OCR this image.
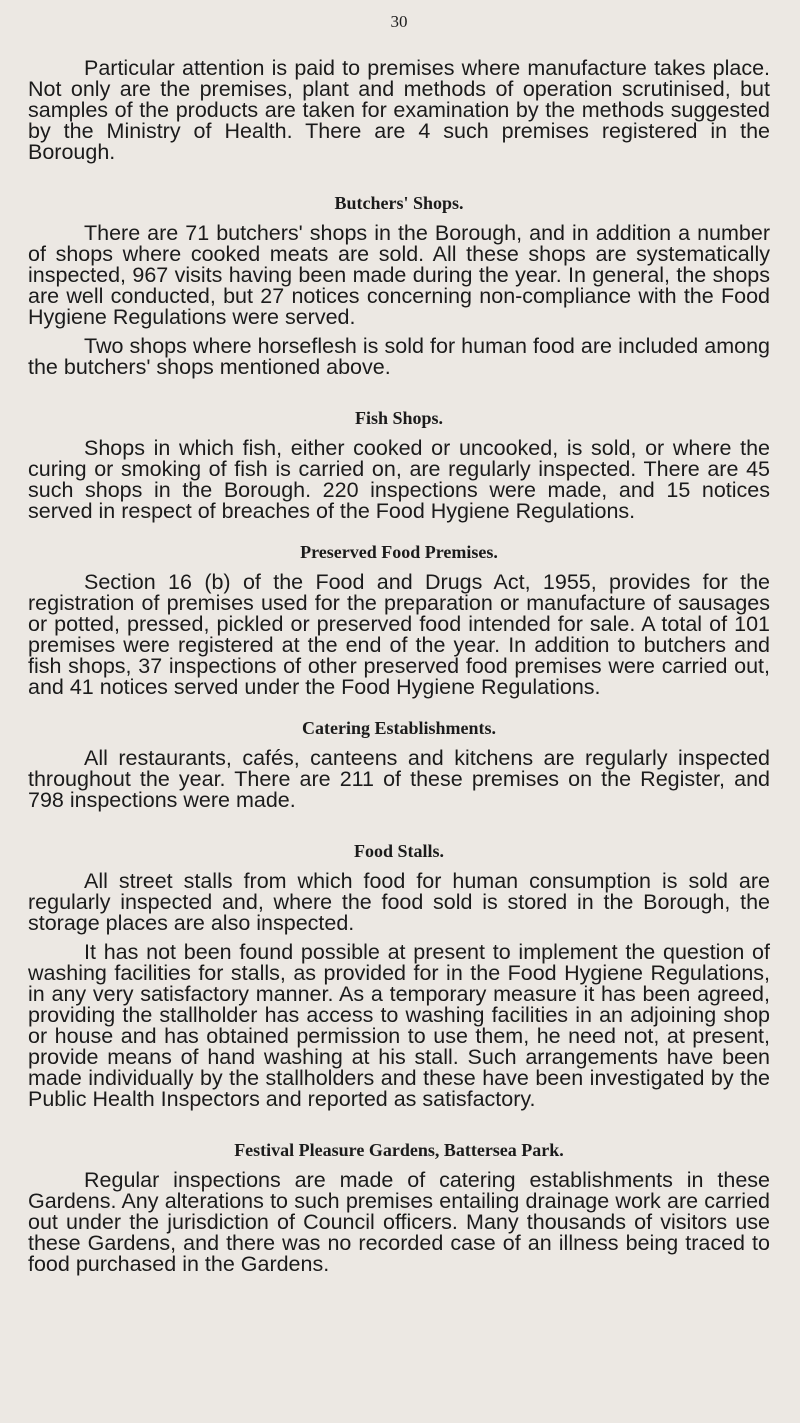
30

Particular attention is paid to premises where manufacture takes place. Not only are the premises, plant and methods of operation scrutinised, but samples of the products are taken for examination by the methods suggested by the Ministry of Health. There are 4 such premises registered in the Borough.

Butchers' Shops.

There are 71 butchers' shops in the Borough, and in addition a number of shops where cooked meats are sold. All these shops are systematically inspected, 967 visits having been made during the year. In general, the shops are well conducted, but 27 notices concerning non-compliance with the Food Hygiene Regulations were served.

Two shops where horseflesh is sold for human food are included among the butchers' shops mentioned above.

Fish Shops.

Shops in which fish, either cooked or uncooked, is sold, or where the curing or smoking of fish is carried on, are regularly inspected. There are 45 such shops in the Borough. 220 inspections were made, and 15 notices served in respect of breaches of the Food Hygiene Regulations.

Preserved Food Premises.

Section 16 (b) of the Food and Drugs Act, 1955, provides for the registration of premises used for the preparation or manufacture of sausages or potted, pressed, pickled or preserved food intended for sale. A total of 101 premises were registered at the end of the year. In addition to butchers and fish shops, 37 inspections of other preserved food premises were carried out, and 41 notices served under the Food Hygiene Regulations.

Catering Establishments.

All restaurants, cafés, canteens and kitchens are regularly inspected throughout the year. There are 211 of these premises on the Register, and 798 inspections were made.

Food Stalls.

All street stalls from which food for human consumption is sold are regularly inspected and, where the food sold is stored in the Borough, the storage places are also inspected.

It has not been found possible at present to implement the question of washing facilities for stalls, as provided for in the Food Hygiene Regulations, in any very satisfactory manner. As a temporary measure it has been agreed, providing the stallholder has access to washing facilities in an adjoining shop or house and has obtained permission to use them, he need not, at present, provide means of hand washing at his stall. Such arrangements have been made individually by the stallholders and these have been investigated by the Public Health Inspectors and reported as satisfactory.

Festival Pleasure Gardens, Battersea Park.

Regular inspections are made of catering establishments in these Gardens. Any alterations to such premises entailing drainage work are carried out under the jurisdiction of Council officers. Many thousands of visitors use these Gardens, and there was no recorded case of an illness being traced to food purchased in the Gardens.
